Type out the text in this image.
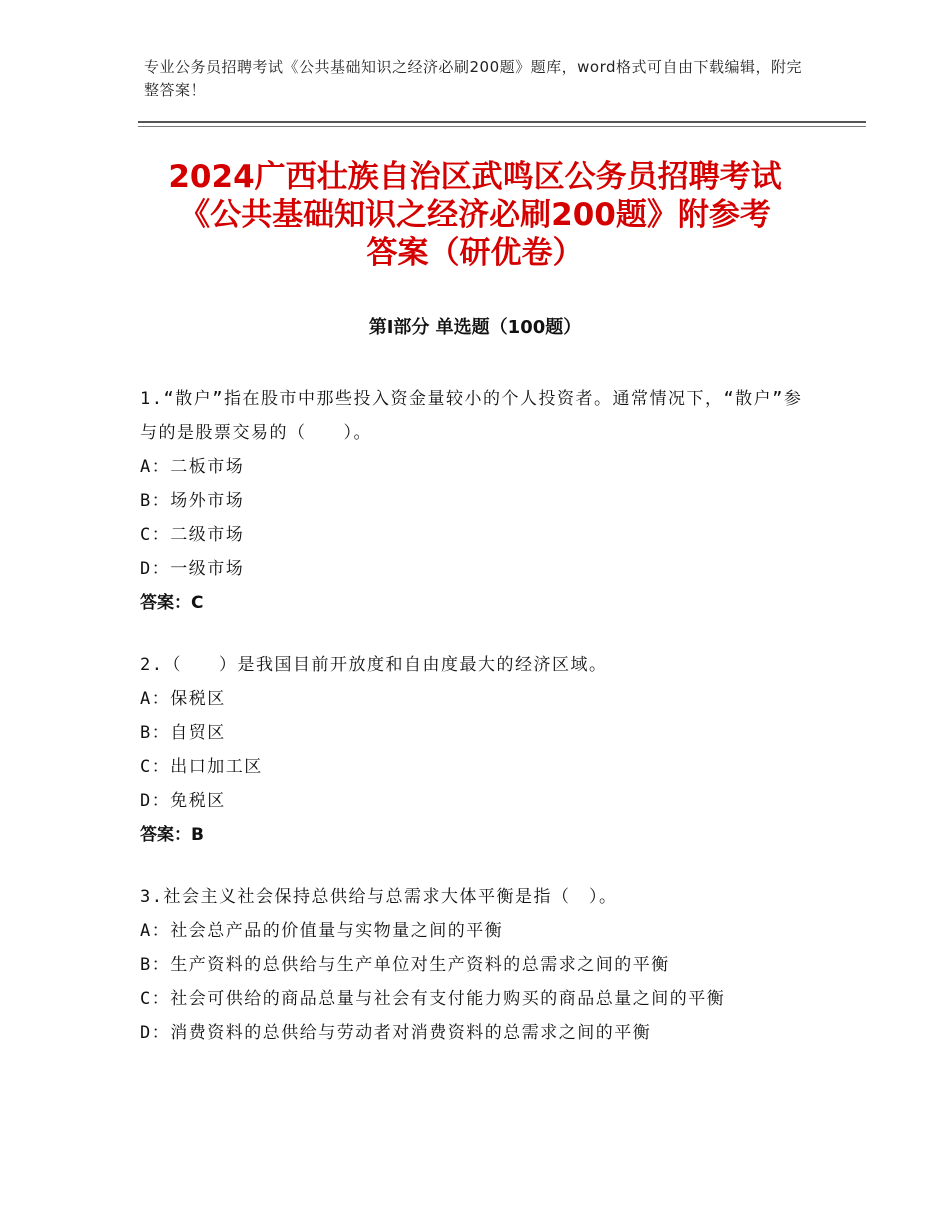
专业公务员招聘考试《公共基础知识之经济必刷200题》题库，word格式可自由下载编辑，附完整答案！
2024广西壮族自治区武鸣区公务员招聘考试
《公共基础知识之经济必刷200题》附参考
答案（研优卷）
第Ⅰ部分 单选题（100题）

1.“散户”指在股市中那些投入资金量较小的个人投资者。通常情况下，“散户”参与的是股票交易的（　　）。

A：二板市场

B：场外市场

C：二级市场

D：一级市场

答案：C

2.（　　）是我国目前开放度和自由度最大的经济区域。

A：保税区

B：自贸区

C：出口加工区

D：免税区

答案：B

3.社会主义社会保持总供给与总需求大体平衡是指（　）。

A：社会总产品的价值量与实物量之间的平衡

B：生产资料的总供给与生产单位对生产资料的总需求之间的平衡

C：社会可供给的商品总量与社会有支付能力购买的商品总量之间的平衡

D：消费资料的总供给与劳动者对消费资料的总需求之间的平衡
